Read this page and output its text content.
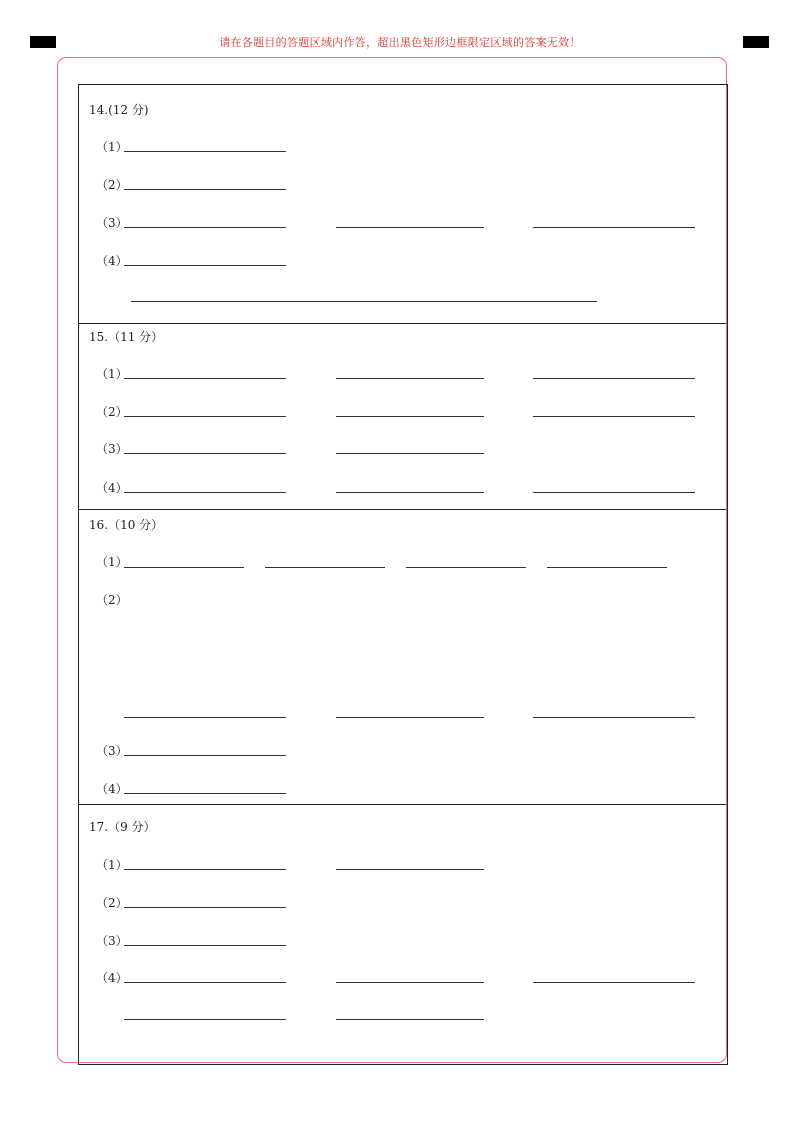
请在各题目的答题区域内作答，超出黑色矩形边框限定区域的答案无效！
14.(12 分)
（1）
（2）
（3）
（4）
15.（11 分）
（1）
（2）
（3）
（4）
16.（10 分）
（1）
（2）
（3）
（4）
17.（9 分）
（1）
（2）
（3）
（4）
